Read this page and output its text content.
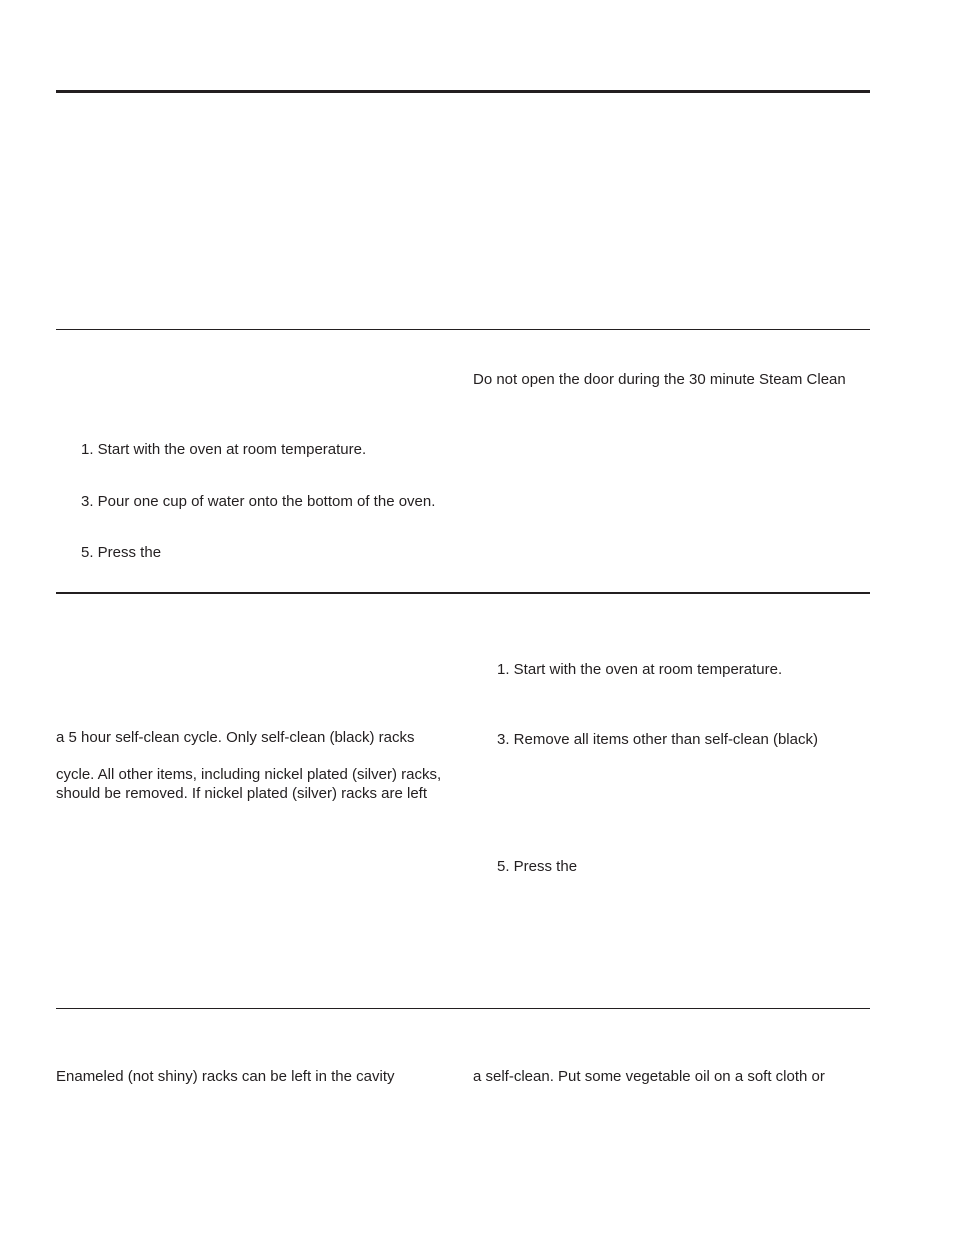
Do not open the door during the 30 minute Steam Clean
1. Start with the oven at room temperature.
3. Pour one cup of water onto the bottom of the oven.
5. Press the
1. Start with the oven at room temperature.
a 5 hour self-clean cycle. Only self-clean (black) racks	3. Remove all items other than self-clean (black)
cycle. All other items, including nickel plated (silver) racks,
should be removed. If nickel plated (silver) racks are left
5. Press the
Enameled (not shiny) racks can be left in the cavity	a self-clean. Put some vegetable oil on a soft cloth or
